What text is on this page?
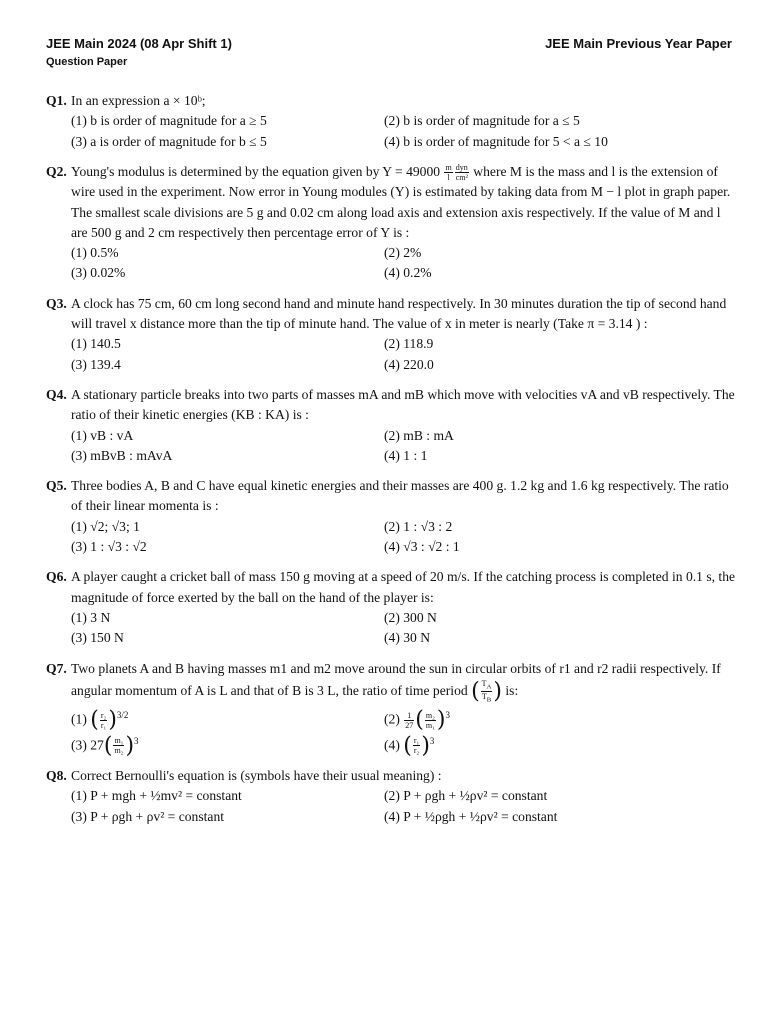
JEE Main 2024 (08 Apr Shift 1)	JEE Main Previous Year Paper
Question Paper
Q1. In an expression a × 10ᵇ;
(1) b is order of magnitude for a ≥ 5	(2) b is order of magnitude for a ≤ 5
(3) a is order of magnitude for b ≤ 5	(4) b is order of magnitude for 5 < a ≤ 10
Q2. Young's modulus is determined by the equation given by $Y = 49000 \frac{m}{l} \frac{\text{dyn}}{\text{cm²}}$ where M is the mass and l is the extension of wire used in the experiment. Now error in Young modules (Y) is estimated by taking data from M − l plot in graph paper. The smallest scale divisions are 5 g and 0.02 cm along load axis and extension axis respectively. If the value of M and l are 500 g and 2 cm respectively then percentage error of Y is :
(1) 0.5%	(2) 2%
(3) 0.02%	(4) 0.2%
Q3. A clock has 75 cm, 60 cm long second hand and minute hand respectively. In 30 minutes duration the tip of second hand will travel x distance more than the tip of minute hand. The value of x in meter is nearly (Take π = 3.14 ) :
(1) 140.5	(2) 118.9
(3) 139.4	(4) 220.0
Q4. A stationary particle breaks into two parts of masses mA and mB which move with velocities vA and vB respectively. The ratio of their kinetic energies (KB : KA) is :
(1) vB : vA	(2) mB : mA
(3) mBvB : mAvA	(4) 1 : 1
Q5. Three bodies A, B and C have equal kinetic energies and their masses are 400 g. 1.2 kg and 1.6 kg respectively. The ratio of their linear momenta is :
(1) √2; √3; 1	(2) 1 : √3 : 2
(3) 1 : √3 : √2	(4) √3 : √2 : 1
Q6. A player caught a cricket ball of mass 150 g moving at a speed of 20 m/s. If the catching process is completed in 0.1 s, the magnitude of force exerted by the ball on the hand of the player is:
(1) 3 N	(2) 300 N
(3) 150 N	(4) 30 N
Q7. Two planets A and B having masses m1 and m2 move around the sun in circular orbits of r1 and r2 radii respectively. If angular momentum of A is L and that of B is 3 L, the ratio of time period ( $\frac{T_A}{T_B}$ ) is:
(1) ( $\frac{\text{r₂}}{\text{r₁}} )^{3/2}$	$(2) \frac{1}{27}$ ( $\frac{\text{m₂}}{\text{m₁}} )^3$
(3) $27( \frac{\text{m₁}}{\text{m₂}} )^3$	(4) ( $\frac{\text{r₁}}{\text{r₂}} )^3$
Q8. Correct Bernoulli's equation is (symbols have their usual meaning) :
(1) P + mgh + ½mv² = constant	(2) P + ρgh + ½ρv² = constant
(3) P + ρgh + ρv² = constant	(4) P + ½ρgh + ½ρv² = constant
